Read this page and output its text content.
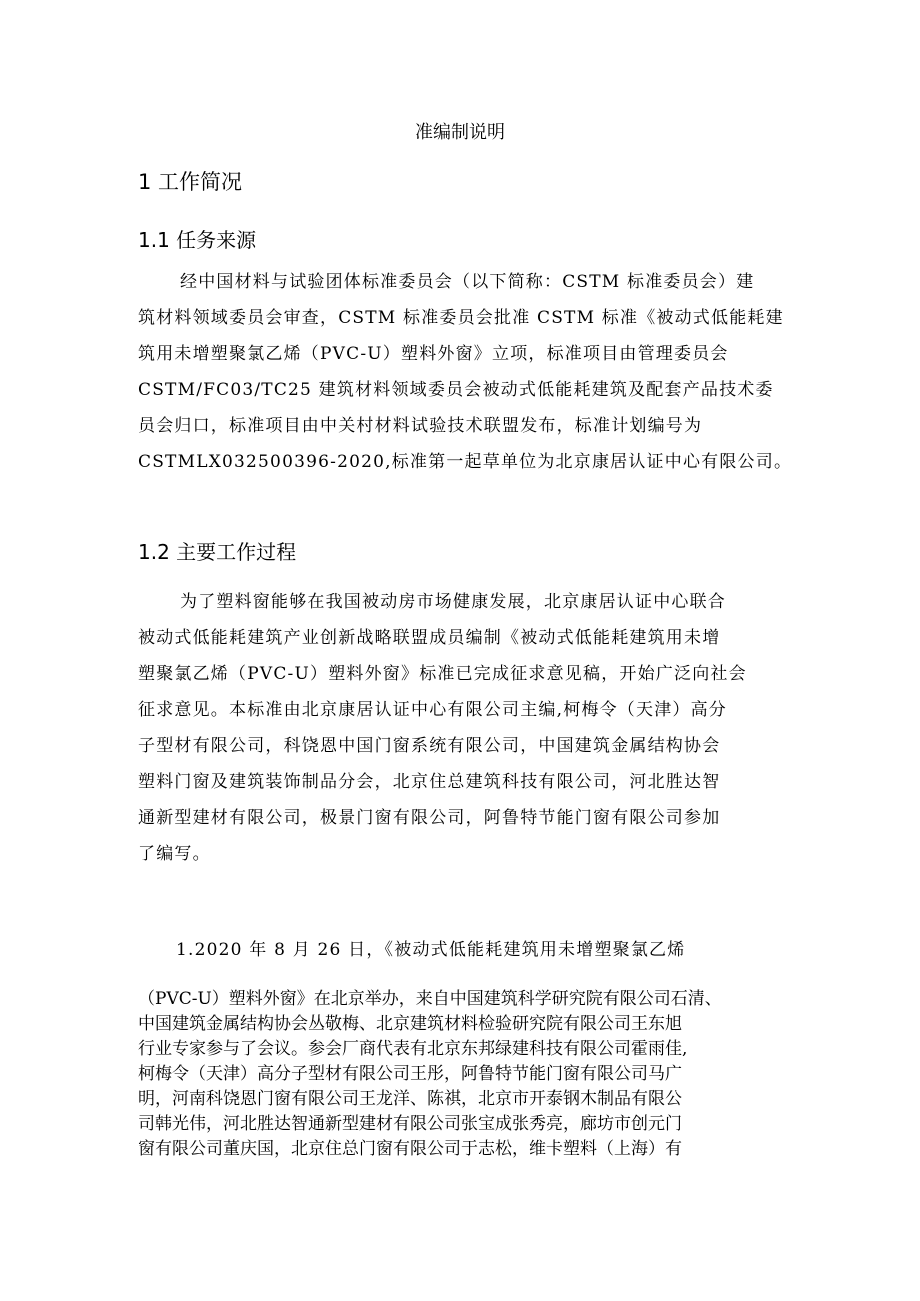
准编制说明
1 工作简况
1.1 任务来源
经中国材料与试验团体标准委员会（以下简称：CSTM 标准委员会）建
筑材料领域委员会审查，CSTM 标准委员会批准 CSTM 标准《被动式低能耗建
筑用未增塑聚氯乙烯（PVC-U）塑料外窗》立项，标准项目由管理委员会
CSTM/FC03/TC25 建筑材料领域委员会被动式低能耗建筑及配套产品技术委
员会归口，标准项目由中关村材料试验技术联盟发布，标准计划编号为
CSTMLX032500396-2020,标准第一起草单位为北京康居认证中心有限公司。
1.2 主要工作过程
为了塑料窗能够在我国被动房市场健康发展，北京康居认证中心联合
被动式低能耗建筑产业创新战略联盟成员编制《被动式低能耗建筑用未增
塑聚氯乙烯（PVC-U）塑料外窗》标准已完成征求意见稿，开始广泛向社会
征求意见。本标准由北京康居认证中心有限公司主编,柯梅令（天津）高分
子型材有限公司，科饶恩中国门窗系统有限公司，中国建筑金属结构协会
塑料门窗及建筑装饰制品分会，北京住总建筑科技有限公司，河北胜达智
通新型建材有限公司，极景门窗有限公司，阿鲁特节能门窗有限公司参加
了编写。

1.2020 年 8 月 26 日，《被动式低能耗建筑用未增塑聚氯乙烯

（PVC-U）塑料外窗》在北京举办，来自中国建筑科学研究院有限公司石清、
中国建筑金属结构协会丛敬梅、北京建筑材料检验研究院有限公司王东旭
行业专家参与了会议。参会厂商代表有北京东邦绿建科技有限公司霍雨佳,
柯梅令（天津）高分子型材有限公司王彤，阿鲁特节能门窗有限公司马广
明，河南科饶恩门窗有限公司王龙洋、陈祺，北京市开泰钢木制品有限公
司韩光伟，河北胜达智通新型建材有限公司张宝成张秀亮，廊坊市创元门
窗有限公司董庆国，北京住总门窗有限公司于志松，维卡塑料（上海）有
